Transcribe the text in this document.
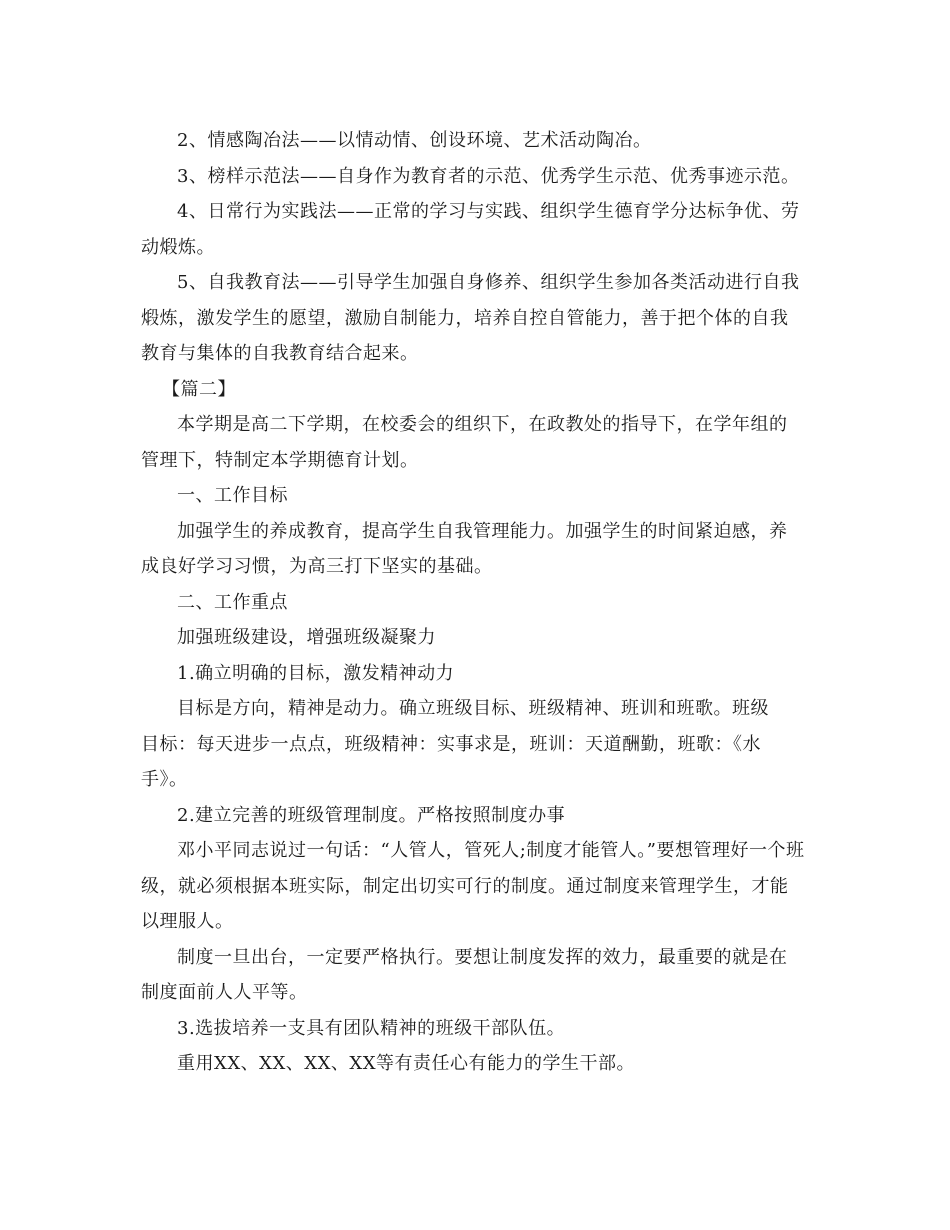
2、情感陶冶法——以情动情、创设环境、艺术活动陶冶。

3、榜样示范法——自身作为教育者的示范、优秀学生示范、优秀事迹示范。

4、日常行为实践法——正常的学习与实践、组织学生德育学分达标争优、劳动煅炼。

5、自我教育法——引导学生加强自身修养、组织学生参加各类活动进行自我煅炼，激发学生的愿望，激励自制能力，培养自控自管能力，善于把个体的自我教育与集体的自我教育结合起来。

【篇二】

本学期是高二下学期，在校委会的组织下，在政教处的指导下，在学年组的管理下，特制定本学期德育计划。

一、工作目标

加强学生的养成教育，提高学生自我管理能力。加强学生的时间紧迫感，养成良好学习习惯，为高三打下坚实的基础。

二、工作重点

加强班级建设，增强班级凝聚力

1.确立明确的目标，激发精神动力

目标是方向，精神是动力。确立班级目标、班级精神、班训和班歌。班级目标：每天进步一点点，班级精神：实事求是，班训：天道酬勤，班歌：《水手》。

2.建立完善的班级管理制度。严格按照制度办事

邓小平同志说过一句话：“人管人，管死人;制度才能管人。”要想管理好一个班级，就必须根据本班实际，制定出切实可行的制度。通过制度来管理学生，才能以理服人。

制度一旦出台，一定要严格执行。要想让制度发挥的效力，最重要的就是在制度面前人人平等。

3.选拔培养一支具有团队精神的班级干部队伍。

重用XX、XX、XX、XX等有责任心有能力的学生干部。
